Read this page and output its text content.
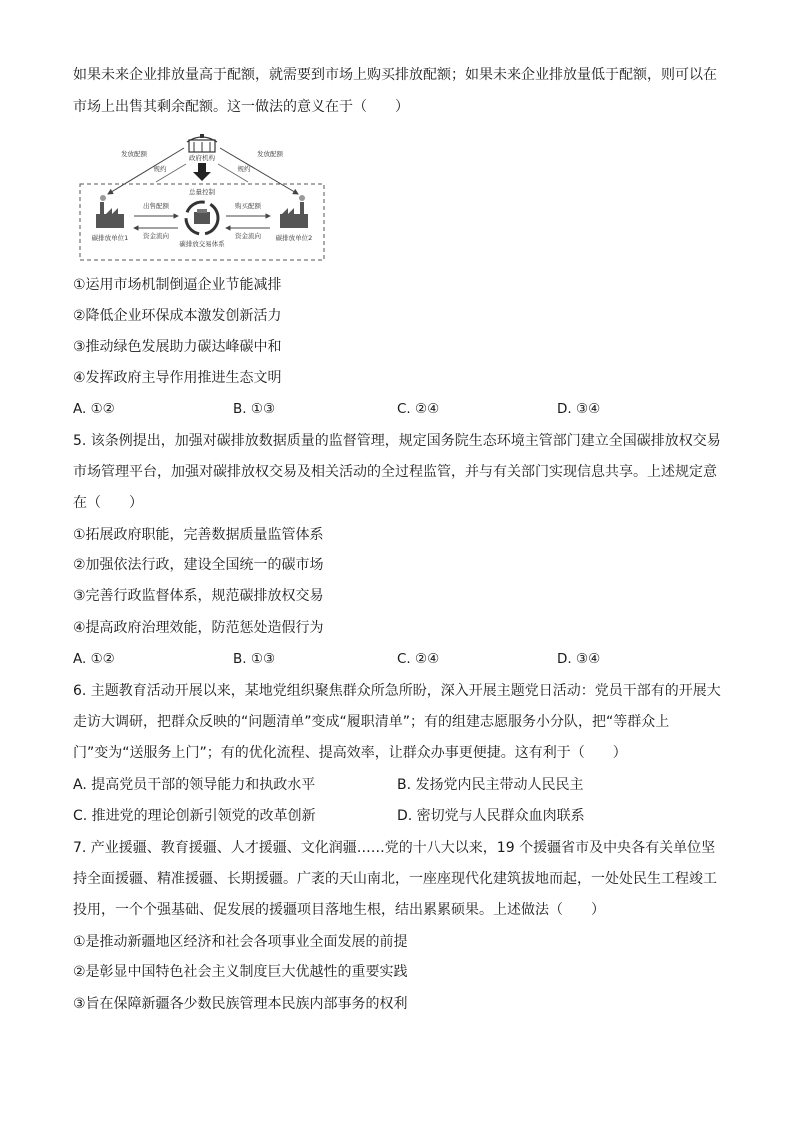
如果未来企业排放量高于配额，就需要到市场上购买排放配额；如果未来企业排放量低于配额，则可以在
市场上出售其剩余配额。这一做法的意义在于（　　）
政府机构
发放配额	发放配额
规约	规约
总量控制
碳排放交易体系
碳排放单位1	碳排放单位2
出售配额
资金流向
购买配额
资金流向
①运用市场机制倒逼企业节能减排
②降低企业环保成本激发创新活力
③推动绿色发展助力碳达峰碳中和
④发挥政府主导作用推进生态文明
A. ①②	B. ①③	C. ②④	D. ③④
5. 该条例提出，加强对碳排放数据质量的监督管理，规定国务院生态环境主管部门建立全国碳排放权交易
市场管理平台，加强对碳排放权交易及相关活动的全过程监管，并与有关部门实现信息共享。上述规定意
在（　　）
①拓展政府职能，完善数据质量监管体系
②加强依法行政，建设全国统一的碳市场
③完善行政监督体系，规范碳排放权交易
④提高政府治理效能，防范惩处造假行为
A. ①②	B. ①③	C. ②④	D. ③④
6. 主题教育活动开展以来，某地党组织聚焦群众所急所盼，深入开展主题党日活动：党员干部有的开展大
走访大调研，把群众反映的“问题清单”变成“履职清单”；有的组建志愿服务小分队，把“等群众上
门”变为“送服务上门”；有的优化流程、提高效率，让群众办事更便捷。这有利于（　　）
A. 提高党员干部的领导能力和执政水平	B. 发扬党内民主带动人民民主
C. 推进党的理论创新引领党的改革创新	D. 密切党与人民群众血肉联系
7. 产业援疆、教育援疆、人才援疆、文化润疆……党的十八大以来，19 个援疆省市及中央各有关单位坚
持全面援疆、精准援疆、长期援疆。广袤的天山南北，一座座现代化建筑拔地而起，一处处民生工程竣工
投用，一个个强基础、促发展的援疆项目落地生根，结出累累硕果。上述做法（　　）
①是推动新疆地区经济和社会各项事业全面发展的前提
②是彰显中国特色社会主义制度巨大优越性的重要实践
③旨在保障新疆各少数民族管理本民族内部事务的权利
